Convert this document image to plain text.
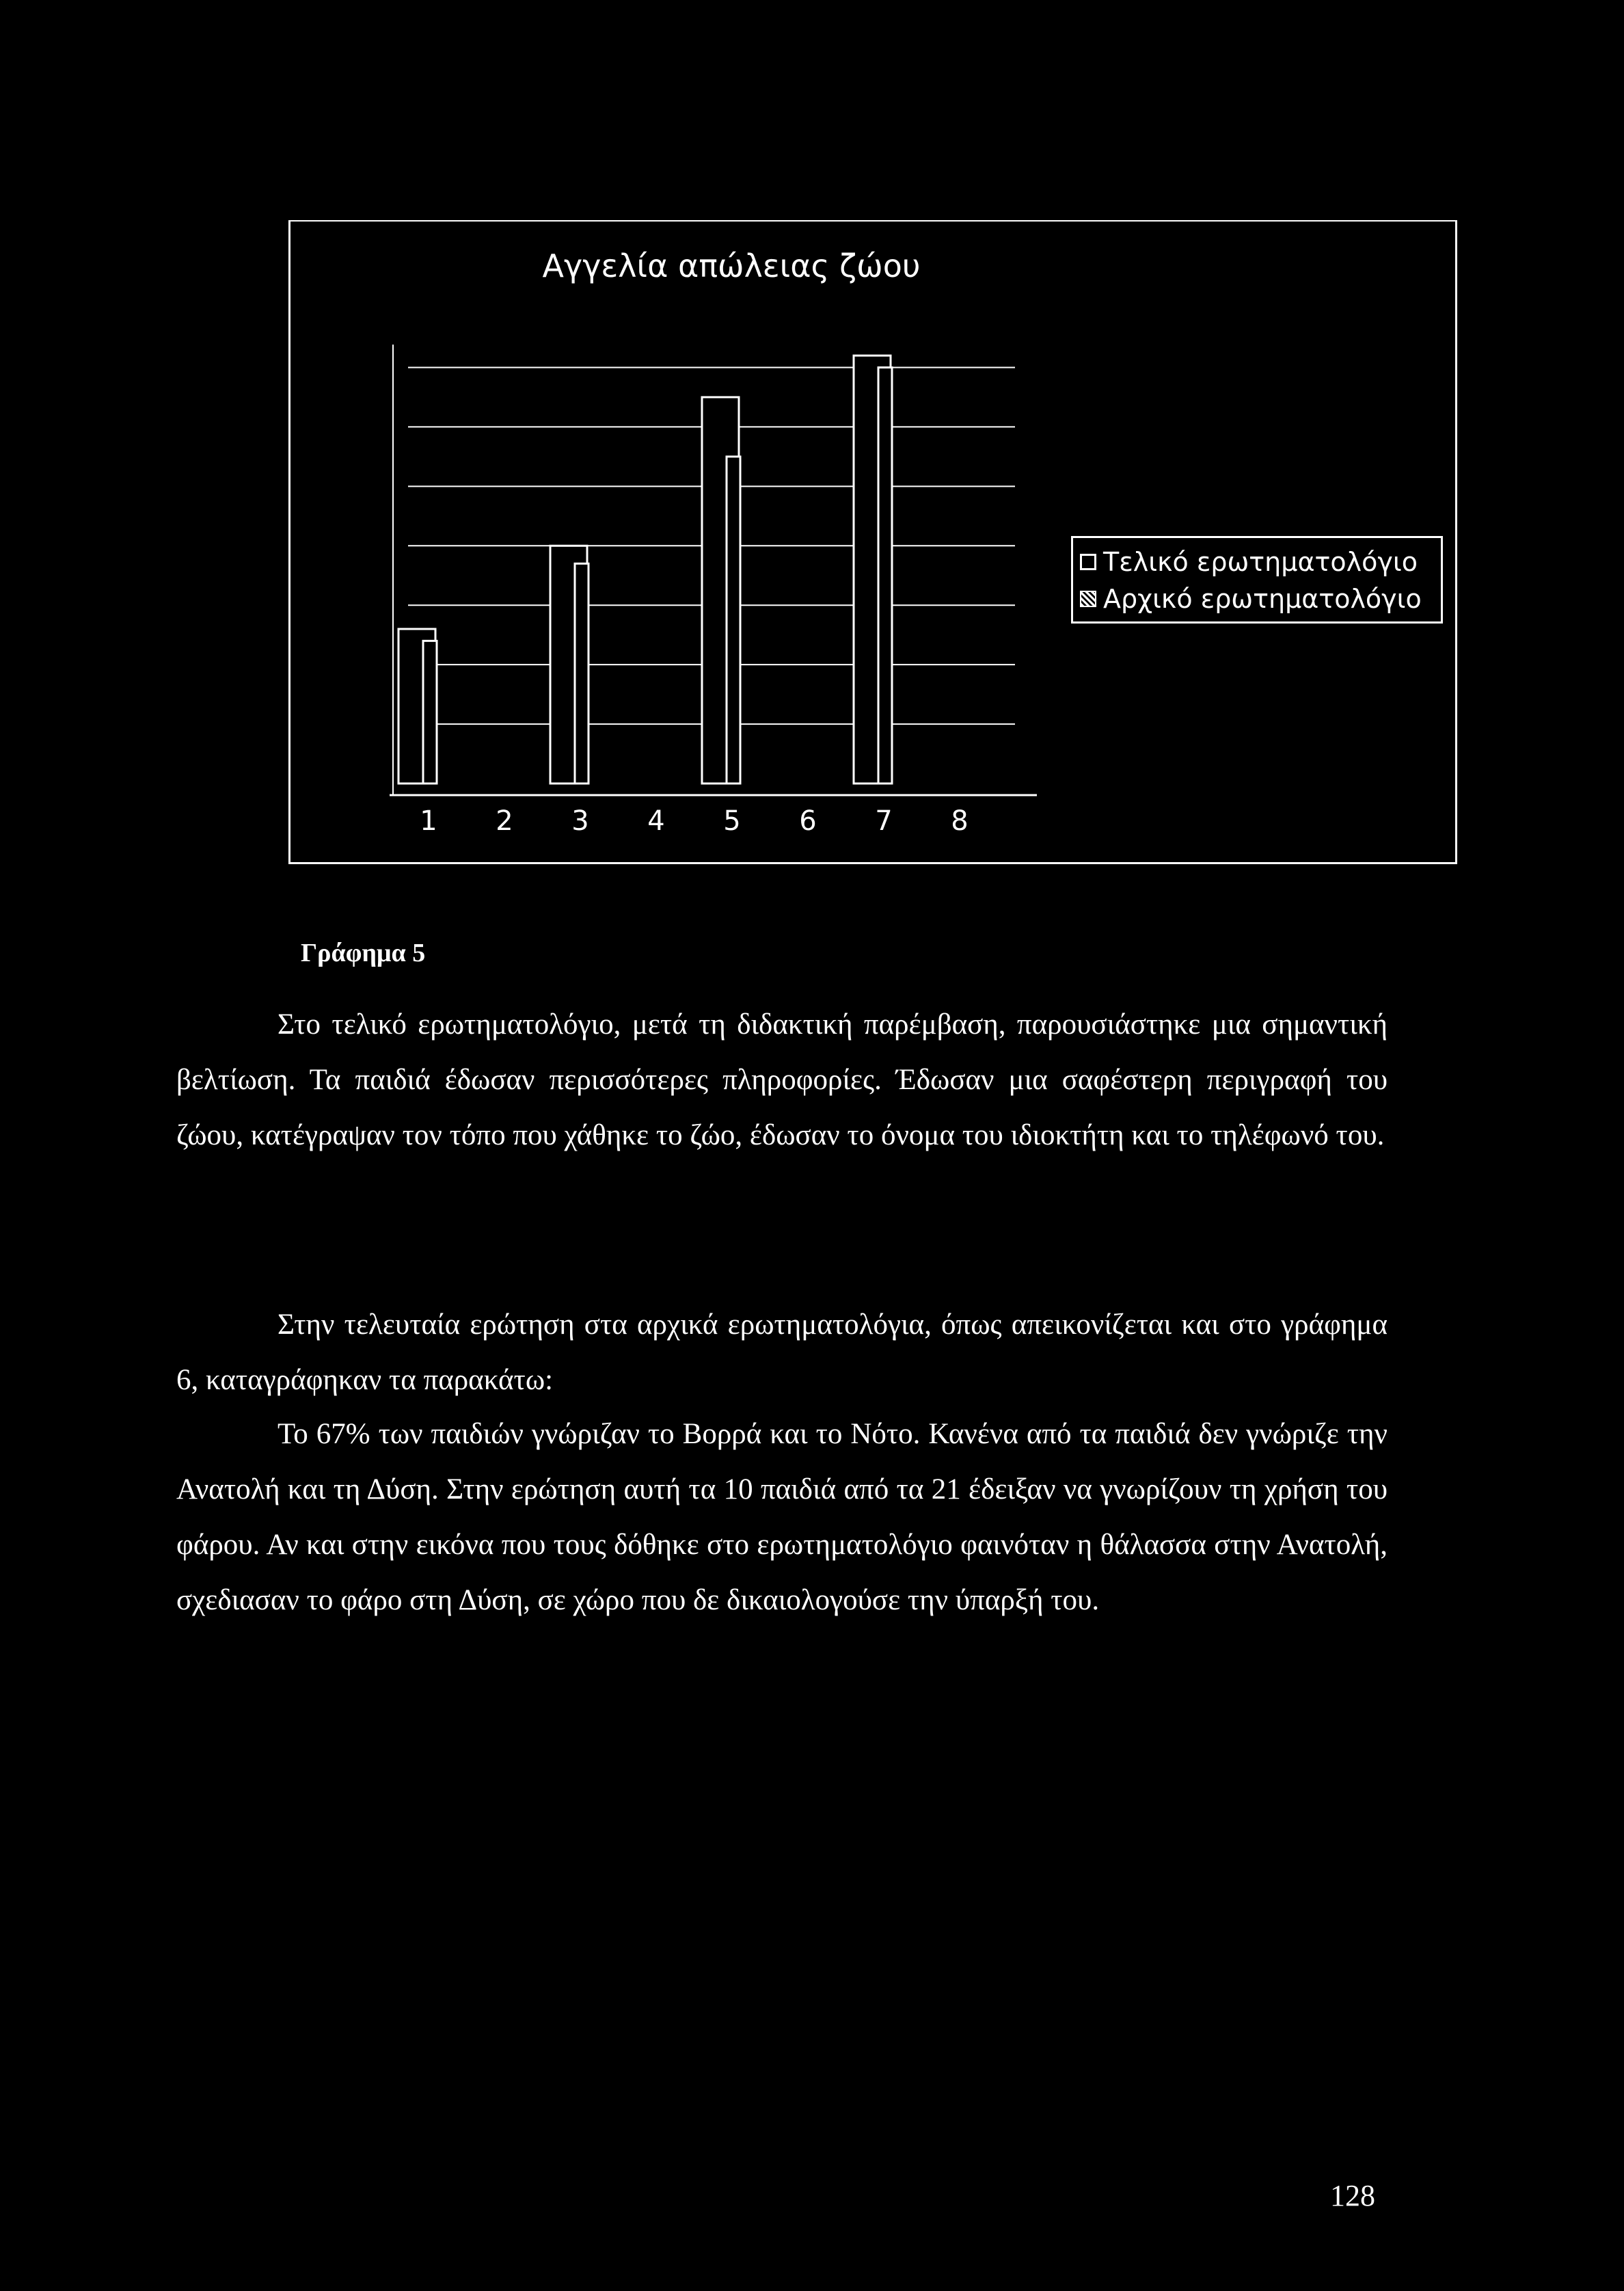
Αγγελία απώλειας ζώου
1 2 3 4 5 6 7 8
Τελικό ερωτηματολόγιο
Αρχικό ερωτηματολόγιο
Γράφημα 5

Στο τελικό ερωτηματολόγιο, μετά τη διδακτική παρέμβαση, παρουσιάστηκε μια σημαντική βελτίωση. Τα παιδιά έδωσαν περισσότερες πληροφορίες. Έδωσαν μια σαφέστερη περιγραφή του ζώου, κατέγραψαν τον τόπο που χάθηκε το ζώο, έδωσαν το όνομα του ιδιοκτήτη και το τηλέφωνό του.

Στην τελευταία ερώτηση στα αρχικά ερωτηματολόγια, όπως απεικονίζεται και στο γράφημα 6, καταγράφηκαν τα παρακάτω:

Το 67% των παιδιών γνώριζαν το Βορρά και το Νότο. Κανένα από τα παιδιά δεν γνώριζε την Ανατολή και τη Δύση. Στην ερώτηση αυτή τα 10 παιδιά από τα 21 έδειξαν να γνωρίζουν τη χρήση του φάρου. Αν και στην εικόνα που τους δόθηκε στο ερωτηματολόγιο φαινόταν η θάλασσα στην Ανατολή, σχεδιασαν το φάρο στη Δύση, σε χώρο που δε δικαιολογούσε την ύπαρξή του.

128
